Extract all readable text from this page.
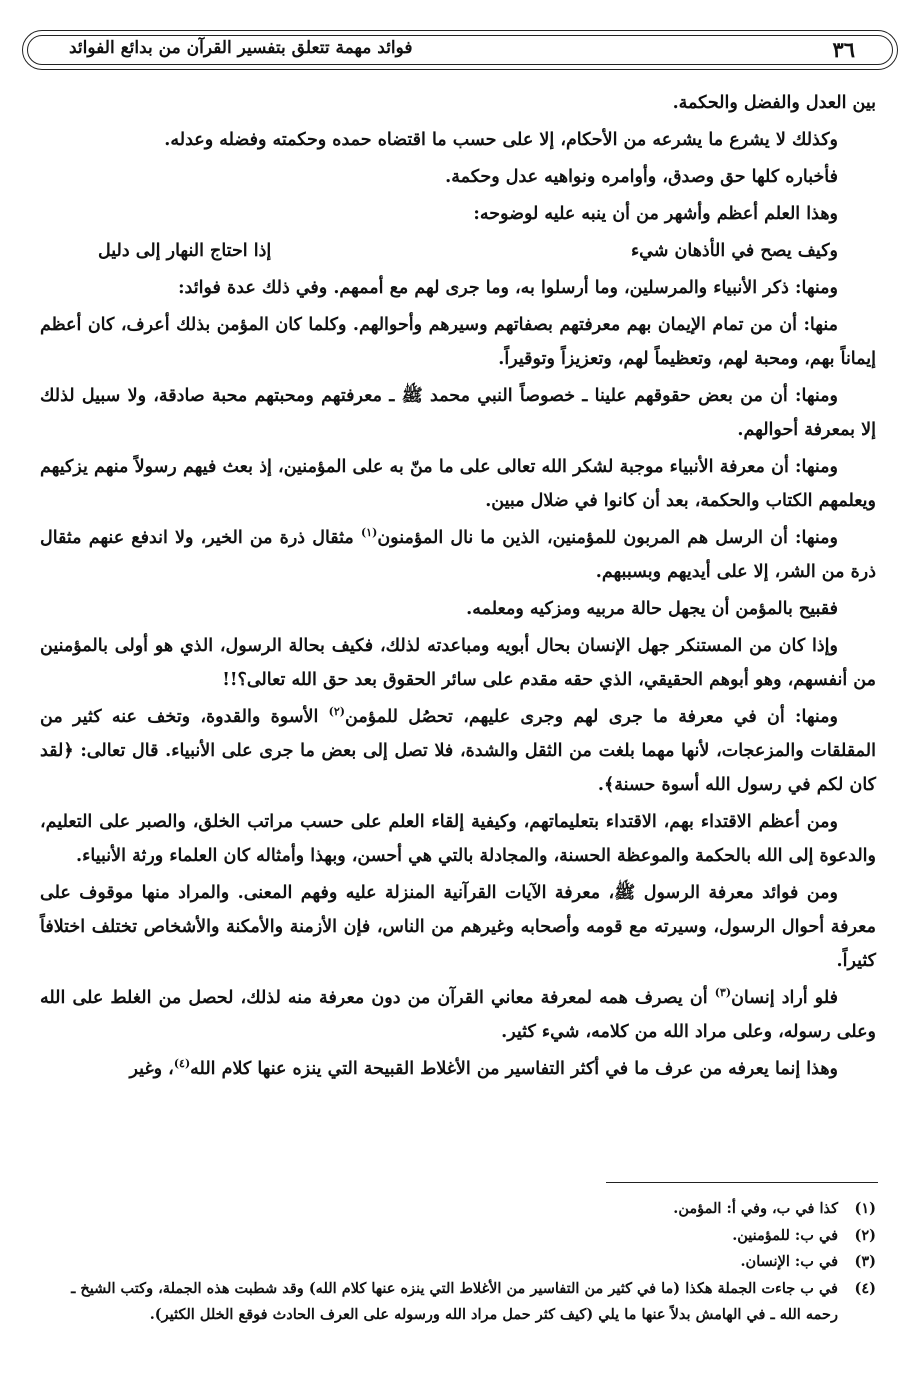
٣٦
فوائد مهمة تتعلق بتفسير القرآن من بدائع الفوائد

بين العدل والفضل والحكمة.

وكذلك لا يشرع ما يشرعه من الأحكام، إلا على حسب ما اقتضاه حمده وحكمته وفضله وعدله.

فأخباره كلها حق وصدق، وأوامره ونواهيه عدل وحكمة.

وهذا العلم أعظم وأشهر من أن ينبه عليه لوضوحه:

وكيف يصح في الأذهان شيء
إذا احتاج النهار إلى دليل

ومنها: ذكر الأنبياء والمرسلين، وما أرسلوا به، وما جرى لهم مع أممهم. وفي ذلك عدة فوائد:

منها: أن من تمام الإيمان بهم معرفتهم بصفاتهم وسيرهم وأحوالهم. وكلما كان المؤمن بذلك أعرف، كان أعظم إيماناً بهم، ومحبة لهم، وتعظيماً لهم، وتعزيزاً وتوقيراً.

ومنها: أن من بعض حقوقهم علينا ـ خصوصاً النبي محمد ﷺ ـ معرفتهم ومحبتهم محبة صادقة، ولا سبيل لذلك إلا بمعرفة أحوالهم.

ومنها: أن معرفة الأنبياء موجبة لشكر الله تعالى على ما منّ به على المؤمنين، إذ بعث فيهم رسولاً منهم يزكيهم ويعلمهم الكتاب والحكمة، بعد أن كانوا في ضلال مبين.

ومنها: أن الرسل هم المربون للمؤمنين، الذين ما نال المؤمنون$^{(١)}$ مثقال ذرة من الخير، ولا اندفع عنهم مثقال ذرة من الشر، إلا على أيديهم وبسببهم.

فقبيح بالمؤمن أن يجهل حالة مربيه ومزكيه ومعلمه.

وإذا كان من المستنكر جهل الإنسان بحال أبويه ومباعدته لذلك، فكيف بحالة الرسول، الذي هو أولى بالمؤمنين من أنفسهم، وهو أبوهم الحقيقي، الذي حقه مقدم على سائر الحقوق بعد حق الله تعالى؟!!

ومنها: أن في معرفة ما جرى لهم وجرى عليهم، تحصُل للمؤمن$^{(٢)}$ الأسوة والقدوة، وتخف عنه كثير من المقلقات والمزعجات، لأنها مهما بلغت من الثقل والشدة، فلا تصل إلى بعض ما جرى على الأنبياء. قال تعالى: ﴿لقد كان لكم في رسول الله أسوة حسنة﴾.

ومن أعظم الاقتداء بهم، الاقتداء بتعليماتهم، وكيفية إلقاء العلم على حسب مراتب الخلق، والصبر على التعليم، والدعوة إلى الله بالحكمة والموعظة الحسنة، والمجادلة بالتي هي أحسن، وبهذا وأمثاله كان العلماء ورثة الأنبياء.

ومن فوائد معرفة الرسول ﷺ، معرفة الآيات القرآنية المنزلة عليه وفهم المعنى. والمراد منها موقوف على معرفة أحوال الرسول، وسيرته مع قومه وأصحابه وغيرهم من الناس، فإن الأزمنة والأمكنة والأشخاص تختلف اختلافاً كثيراً.

فلو أراد إنسان$^{(٣)}$ أن يصرف همه لمعرفة معاني القرآن من دون معرفة منه لذلك، لحصل من الغلط على الله وعلى رسوله، وعلى مراد الله من كلامه، شيء كثير.

وهذا إنما يعرفه من عرف ما في أكثر التفاسير من الأغلاط القبيحة التي ينزه عنها كلام الله$^{(٤)}$، وغير

(١)كذا في ب، وفي أ: المؤمن.

(٢)في ب: للمؤمنين.

(٣)في ب: الإنسان.

(٤)في ب جاءت الجملة هكذا (ما في كثير من التفاسير من الأغلاط التي ينزه عنها كلام الله) وقد شطبت هذه الجملة، وكتب الشيخ ـ

رحمه الله ـ في الهامش بدلاً عنها ما يلي (كيف كثر حمل مراد الله ورسوله على العرف الحادث فوقع الخلل الكثير).
